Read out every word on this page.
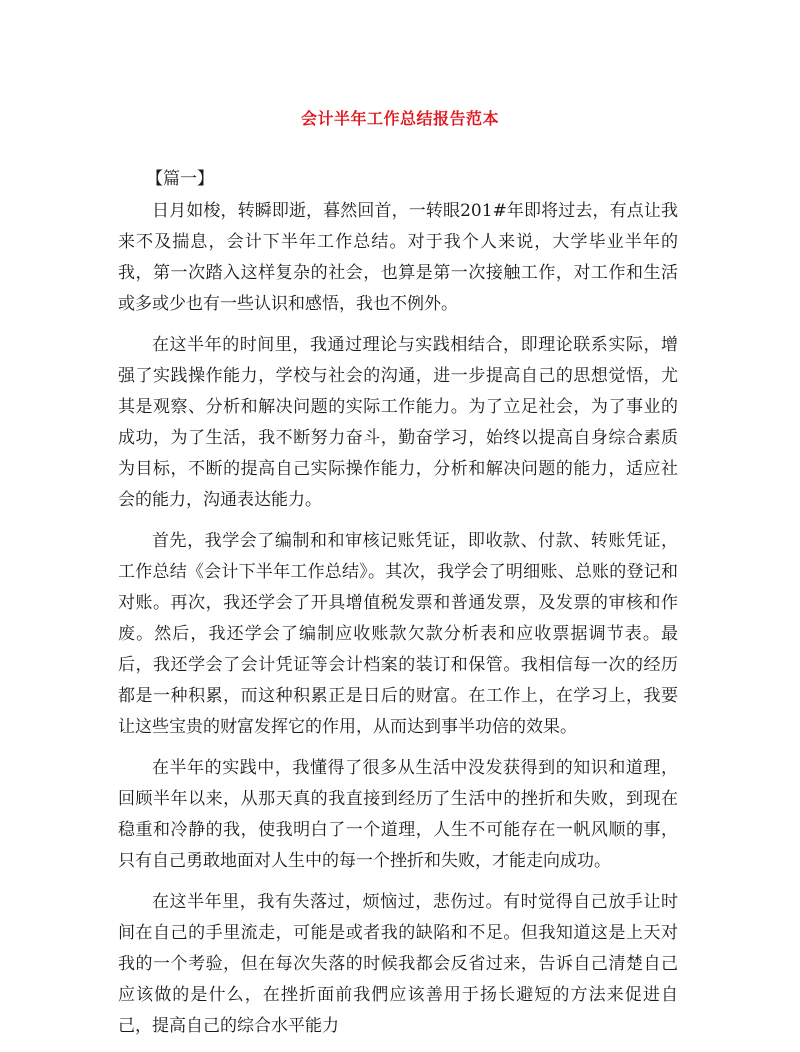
会计半年工作总结报告范本
【篇一】

日月如梭，转瞬即逝，暮然回首，一转眼201#年即将过去，有点让我来不及揣息，会计下半年工作总结。对于我个人来说，大学毕业半年的我，第一次踏入这样复杂的社会，也算是第一次接触工作，对工作和生活或多或少也有一些认识和感悟，我也不例外。

在这半年的时间里，我通过理论与实践相结合，即理论联系实际，增强了实践操作能力，学校与社会的沟通，进一步提高自己的思想觉悟，尤其是观察、分析和解决问题的实际工作能力。为了立足社会，为了事业的成功，为了生活，我不断努力奋斗，勤奋学习，始终以提高自身综合素质为目标，不断的提高自己实际操作能力，分析和解决问题的能力，适应社会的能力，沟通表达能力。

首先，我学会了编制和和审核记账凭证，即收款、付款、转账凭证，工作总结《会计下半年工作总结》。其次，我学会了明细账、总账的登记和对账。再次，我还学会了开具增值税发票和普通发票，及发票的审核和作废。然后，我还学会了编制应收账款欠款分析表和应收票据调节表。最后，我还学会了会计凭证等会计档案的装订和保管。我相信每一次的经历都是一种积累，而这种积累正是日后的财富。在工作上，在学习上，我要让这些宝贵的财富发挥它的作用，从而达到事半功倍的效果。

在半年的实践中，我懂得了很多从生活中没发获得到的知识和道理，回顾半年以来，从那天真的我直接到经历了生活中的挫折和失败，到现在稳重和冷静的我，使我明白了一个道理，人生不可能存在一帆风顺的事，只有自己勇敢地面对人生中的每一个挫折和失败，才能走向成功。

在这半年里，我有失落过，烦恼过，悲伤过。有时觉得自己放手让时间在自己的手里流走，可能是或者我的缺陷和不足。但我知道这是上天对我的一个考验，但在每次失落的时候我都会反省过来，告诉自己清楚自己应该做的是什么，在挫折面前我們应该善用于扬长避短的方法来促进自己，提高自己的综合水平能力
